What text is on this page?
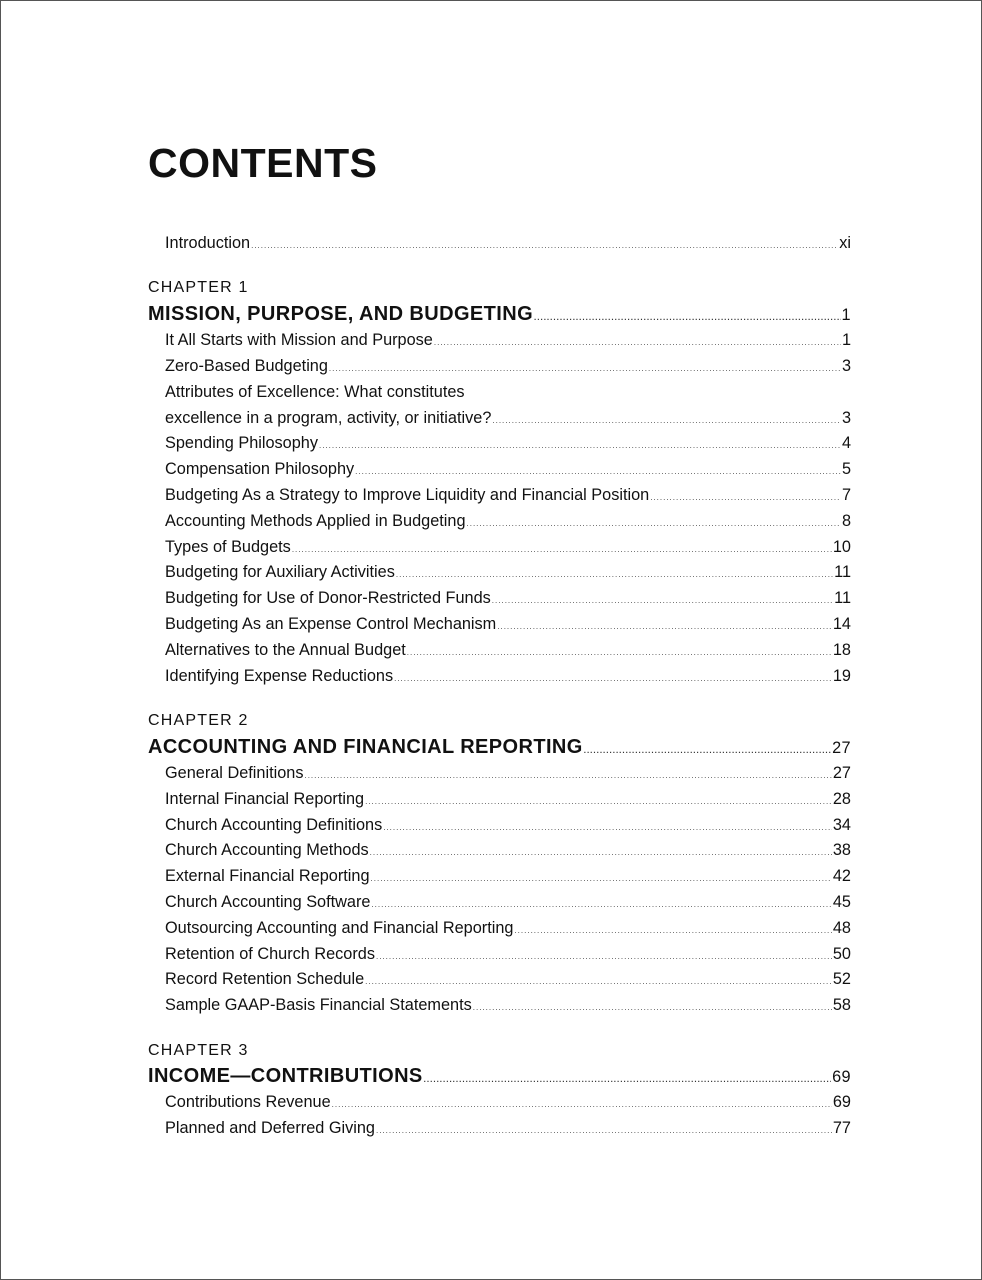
CONTENTS
Introduction .....	xi
CHAPTER 1
MISSION, PURPOSE, AND BUDGETING .....	1
It All Starts with Mission and Purpose .....	1
Zero-Based Budgeting .....	3
Attributes of Excellence: What constitutes
excellence in a program, activity, or initiative? .....	3
Spending Philosophy .....	4
Compensation Philosophy .....	5
Budgeting As a Strategy to Improve Liquidity and Financial Position .....	7
Accounting Methods Applied in Budgeting .....	8
Types of Budgets .....	10
Budgeting for Auxiliary Activities .....	11
Budgeting for Use of Donor-Restricted Funds .....	11
Budgeting As an Expense Control Mechanism .....	14
Alternatives to the Annual Budget .....	18
Identifying Expense Reductions .....	19
CHAPTER 2
ACCOUNTING AND FINANCIAL REPORTING .....	27
General Definitions .....	27
Internal Financial Reporting .....	28
Church Accounting Definitions .....	34
Church Accounting Methods .....	38
External Financial Reporting .....	42
Church Accounting Software .....	45
Outsourcing Accounting and Financial Reporting .....	48
Retention of Church Records .....	50
Record Retention Schedule .....	52
Sample GAAP-Basis Financial Statements .....	58
CHAPTER 3
INCOME—CONTRIBUTIONS .....	69
Contributions Revenue .....	69
Planned and Deferred Giving .....	77
